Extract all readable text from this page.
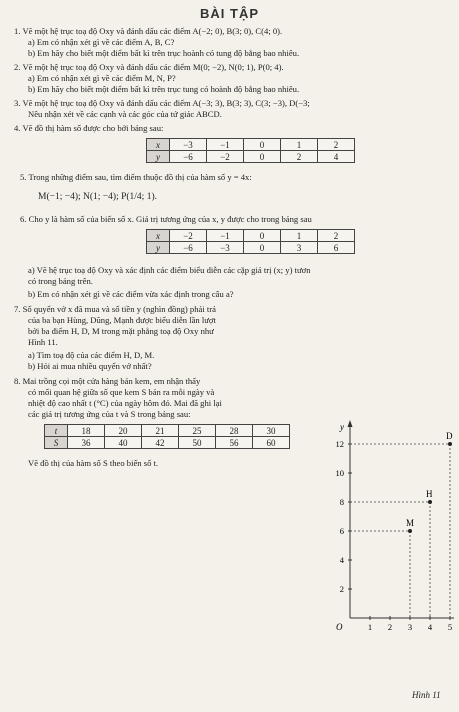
BÀI TẬP
1. Vẽ một hệ trục toạ độ Oxy và đánh dấu các điểm A(−2; 0), B(3; 0), C(4; 0).
a) Em có nhận xét gì về các điểm A, B, C?
b) Em hãy cho biết một điểm bất kì trên trục hoành có tung độ bằng bao nhiêu.
2. Vẽ một hệ trục toạ độ Oxy và đánh dấu các điểm M(0; −2), N(0; 1), P(0; 4).
a) Em có nhận xét gì về các điểm M, N, P?
b) Em hãy cho biết một điểm bất kì trên trục tung có hoành độ bằng bao nhiêu.
3. Vẽ một hệ trục toạ độ Oxy và đánh dấu các điểm A(−3; 3), B(3; 3), C(3; −3), D(−3;
Nêu nhận xét về các cạnh và các góc của tứ giác ABCD.
4. Vẽ đồ thị hàm số được cho bởi bảng sau:
x	−3	−1	0	1	2
y	−6	−2	0	2	4
5. Trong những điểm sau, tìm điểm thuộc đồ thị của hàm số y = 4x:
M(−1; −4); N(1; −4); P(1/4; 1).
6. Cho y là hàm số của biến số x. Giá trị tương ứng của x, y được cho trong bảng sau
x	−2	−1	0	1	2
y	−6	−3	0	3	6
a) Vẽ hệ trục toạ độ Oxy và xác định các điểm biểu diễn các cặp giá trị (x; y) tươn
có trong bảng trên.
b) Em có nhận xét gì về các điểm vừa xác định trong câu a?
7. Số quyển vở x đã mua và số tiền y (nghìn đồng) phải trả
của ba bạn Hùng, Dũng, Mạnh được biểu diễn lần lượt
bởi ba điểm H, D, M trong mặt phẳng toạ độ Oxy như
Hình 11.
a) Tìm toạ độ của các điểm H, D, M.
b) Hỏi ai mua nhiều quyển vở nhất?
8. Mai trồng cọi một cửa hàng bán kem, em nhận thấy
có mối quan hệ giữa số que kem S bán ra mỗi ngày và
nhiệt độ cao nhất t (°C) của ngày hôm đó. Mai đã ghi lại
các giá trị tương ứng của t và S trong bảng sau:
t	18	20	21	25	28	30
S	36	40	42	50	56	60
Vẽ đồ thị của hàm số S theo biến số t.
y
O
12
10
8
6
4
2
1 2 3 4 5
D
H
M
Hình 11
